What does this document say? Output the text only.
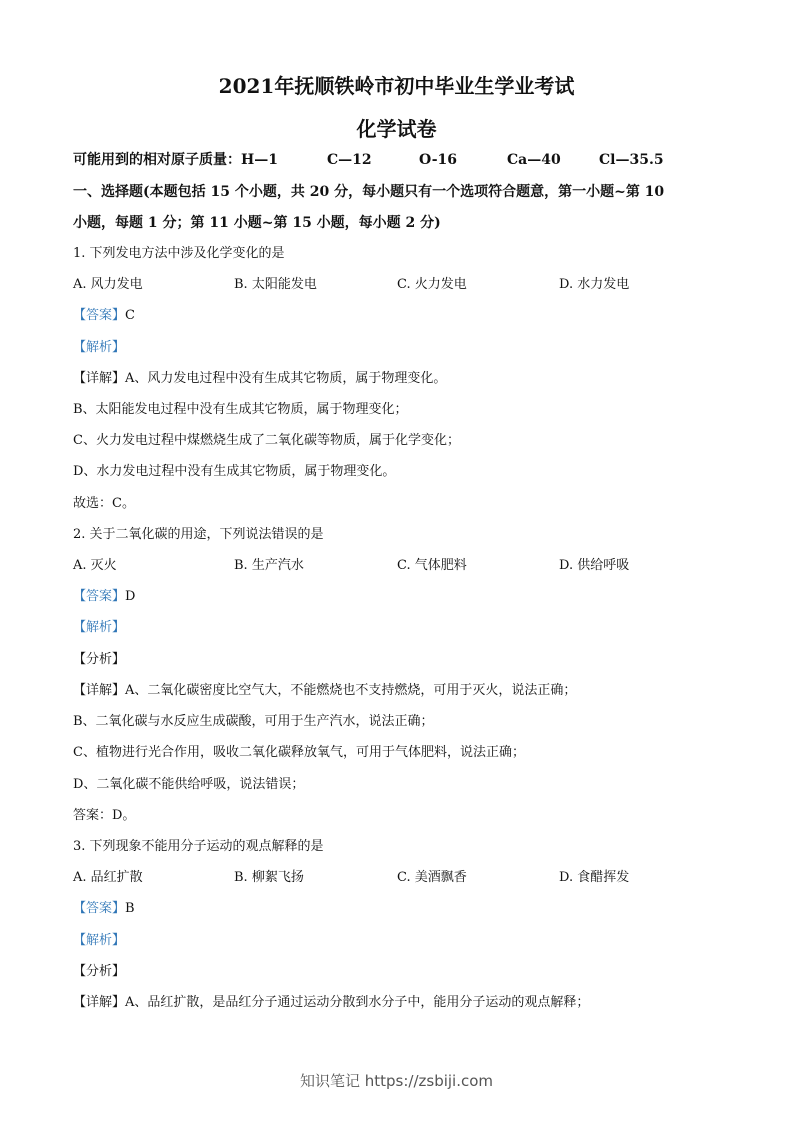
2021年抚顺铁岭市初中毕业生学业考试
化学试卷
可能用到的相对原子质量：H—1	C—12	O-16	Ca—40	Cl—35.5
一、选择题(本题包括 15 个小题，共 20 分，每小题只有一个选项符合题意，第一小题~第 10
小题，每题 1 分；第 11 小题~第 15 小题，每小题 2 分)
1. 下列发电方法中涉及化学变化的是
A. 风力发电	B. 太阳能发电	C. 火力发电	D. 水力发电
【答案】C
【解析】
【详解】A、风力发电过程中没有生成其它物质，属于物理变化。
B、太阳能发电过程中没有生成其它物质，属于物理变化；
C、火力发电过程中煤燃烧生成了二氧化碳等物质，属于化学变化；
D、水力发电过程中没有生成其它物质，属于物理变化。
故选：C。
2. 关于二氧化碳的用途，下列说法错误的是
A. 灭火	B. 生产汽水	C. 气体肥料	D. 供给呼吸
【答案】D
【解析】
【分析】
【详解】A、二氧化碳密度比空气大，不能燃烧也不支持燃烧，可用于灭火，说法正确；
B、二氧化碳与水反应生成碳酸，可用于生产汽水，说法正确；
C、植物进行光合作用，吸收二氧化碳释放氧气，可用于气体肥料，说法正确；
D、二氧化碳不能供给呼吸，说法错误；
答案：D。
3. 下列现象不能用分子运动的观点解释的是
A. 品红扩散	B. 柳絮飞扬	C. 美酒飘香	D. 食醋挥发
【答案】B
【解析】
【分析】
【详解】A、品红扩散，是品红分子通过运动分散到水分子中，能用分子运动的观点解释；
知识笔记 https://zsbiji.com
